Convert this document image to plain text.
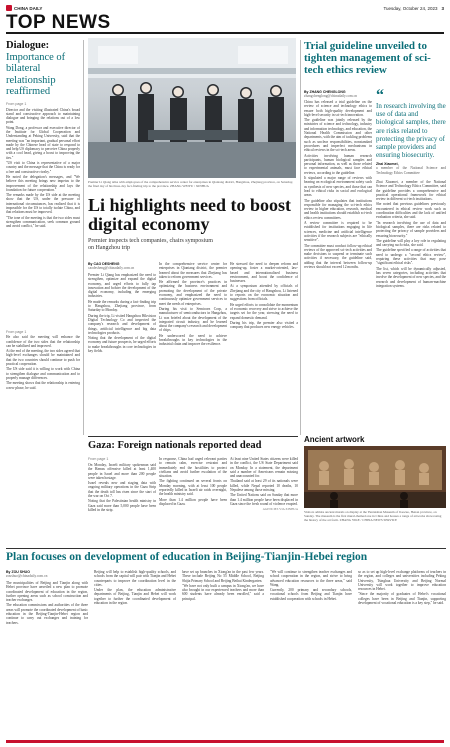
CHINA DAILY	Tuesday, October 24, 2023 3
TOP NEWS
Dialogue:
Importance of bilateral relationship reaffirmed
From page 1

Director and the visiting illustrated China's broad stand and constructive approach to maintaining dialogue and bringing the relations out of a low point.

Wang Dong, a professor and executive director of the Institute for Global Cooperation and Understanding at Peking University, said that the meeting was "an important, gradual personal effort made by the Chinese head of state to respond to and help US diplomacy to perceive China properly with a cool head, giving a boost to improving the ties."

"US visit to China is representative of a major country and the message that the China is ready for a free and constructive rivalry."

He noted the delegation's messages, and "We believe this meeting brings new impetus to the improvement of the relationship and lays the foundation for future cooperation."

The remarks made by the US side at the meeting show that the US, under the pressure of international circumstances, has realized that it is impossible for the US to totally isolate China, and that relations must be improved.

"The tone of the meeting is that the two sides must strengthen communication, seek common ground and avoid conflict," he said.

Premier Li Qiang talks with employees of the comprehensive service center for enterprises in Qiantang district, Hangzhou, Zhejiang province, on Saturday, the final day of his three-day fact-finding trip to the province. ZHANG WEIYU / XINHUA
Li highlights need to boost digital economy
Premier inspects tech companies, chairs symposium on Hangzhou trip
By CAO DESHENG
caodesheng@chinadaily.com.cn

Premier Li Qiang has emphasized the need to strengthen, optimize and expand the digital economy, and urged efforts to fully tap innovation and bolster the development of the digital economy, including the emerging industries.

He made the remarks during a fact-finding trip to Hangzhou, Zhejiang province, from Saturday to Monday.

During the trip, Li visited Hangzhou Hikvision Digital Technology Co and inspected the company's research and development of things, artificial intelligence and big data technologies products.

Noting that the development of the digital economy and future prospects, he urged efforts to make breakthroughs in core technologies in key fields.

In the comprehensive service center for enterprises in Qiantang district, the premier learned about the measures that Zhejiang has taken to reform government services.

He affirmed the province's practices in optimizing the business environment and promoting the development of the private economy, and emphasized the need to continuously optimize government services to meet the needs of enterprises.

During his visit to Semicorn Corp, a manufacturer of semiconductors in Hangzhou, Li was briefed about the development of the integrated circuit industry, and he learned about the company's research and development of chips.

He underscored the need to achieve breakthroughs in key technologies in the industrial chain and improve the resilience.

He stressed the need to deepen reform and opening-up, foster a market-oriented, law-based and internationalized business environment, and boost the confidence of businesses.

At a symposium attended by officials of Zhejiang and the city of Hangzhou, Li listened to reports on the economic situation and suggestions from officials.

He urged efforts to consolidate the momentum of economic recovery and strive to achieve the targets set for the year, stressing the need to expand domestic demand.

During his trip, the premier also visited a company that produces new energy vehicles.

Gaza: Foreign nationals reported dead
From page 1

On Monday, Israeli military spokesman said the Hamas offensive killed at least 1,400 people in Israel and more than 200 people were taken hostage.

Israel reveals new and staging data with ongoing military operations in the Gaza Strip that the death toll has risen since the start of the war on Oct 7.

Noting that the Palestinian health ministry in Gaza said more than 5,000 people have been killed in the strip.

In response, China had urged relevant parties to remain calm, exercise restraint and immediately end the hostilities to protect civilians and avoid further escalation of the situation.

The fighting continued on several fronts on Monday morning, with at least 100 people reportedly killed in Israeli air raids overnight, the health ministry said.

More than 1.4 million people have been displaced in Gaza.

At least nine United States citizens were killed in the conflict, the US State Department said on Monday. In a statement, the department said a number of Americans remain missing and unaccounted for.

Thailand said at least 29 of its nationals were killed, while Nepal reported 10 deaths, 10 Nepalese among those missing.

The United Nations said on Sunday that more than 1.4 million people have been displaced in Gaza since the fresh round of violence erupted.

AGENCIES VIA XINHUA

From page 1

He also said the meeting will enhance the confidence of the two sides that the relationship can be stabilized and improved.

At the end of the meeting, the two sides agreed that high-level exchanges should be maintained and that the two countries should continue to push for practical cooperation.

The US side said it is willing to work with China to strengthen dialogue and communication and to properly manage differences.

The meeting shows that the relationship is entering a new phase, he said.

Trial guideline unveiled to tighten management of sci-tech ethics review
By ZHANG CHENGLONG
zhangchenglong@chinadaily.com.cn

China has released a trial guideline on the review of science and technology ethics to ensure both high-quality development and high-level security in sci-tech innovation.

The guideline was jointly released by the ministries of science and technology, industry and information technology, and education, the National Health Commission and other departments, with the aim of tackling problems such as unclear responsibilities, nonstandard procedures and imperfect mechanisms in ethical reviews in the sci-tech areas.

Activities involving human research participants, human biological samples and personal information, as well as those related to experimental animals, must face ethical reviews, according to the guideline.

It stipulated a major range of reviews with bearing on ecological environment safety such as synthesis of new species, and those that can lead to ethical risks in social and ecological areas.

The guideline also stipulates that institutions responsible for managing the sci-tech ethics review in higher education, research, medical and health institutions should establish sci-tech ethics review committees.

A review committee is required to be established for institutions engaging in life sciences, medicine and artificial intelligence activities if the research subjects are "ethically sensitive".

The committee must conduct follow-up ethical reviews of the approved sci-tech activities and make decisions to suspend or terminate such activities if necessary, the guideline said, adding that the interval between follow-up reviews should not exceed 12 months.

“
In research involving the use of data and biological samples, there are risks related to protecting the privacy of sample providers and ensuring biosecurity.
Zhai Xiaomei,
a member of the National Science and Technology Ethics Committee

Zhai Xiaomei, a member of the National Science and Technology Ethics Committee, said the guideline provides a comprehensive and practical operational framework for ethical review in different sci-tech institutions.

She noted that previous guidelines previously encountered in ethical review work such as coordination difficulties and the lack of unified evaluation criteria, she said.

"In research involving the use of data and biological samples, there are risks related to protecting the privacy of sample providers and ensuring biosecurity."

The guideline will play a key role in regulating and carrying such risks, she said.

The guideline specified a range of activities that need to undergo a "second ethics review", requiring these activities that may pose "significant ethical risks".

The list, which will be dynamically adjusted, has seven categories, including activities that involve the development of new species, and the research and development of human-machine integration systems.

Ancient artwork
Visitors admire ancient murals on display at the Yuntaishan Museum of Jiaozuo, Henan province, on Sunday. The museum is the first mural-themed one in China and houses a range of artworks showcasing the history of the art form. ZHANG YIKE / CHINA NEWS SERVICE
Plan focuses on development of education in Beijing-Tianjin-Hebei region
By ZOU SHUO
zoushuo@chinadaily.com.cn

The municipalities of Beijing and Tianjin along with Hebei province have unveiled a new plan to promote coordinated development of education in the region, further opening areas such as school construction and teacher exchanges.

The education commissions and authorities of the three areas will promote the coordinated development of basic education in the Beijing-Tianjin-Hebei region and continue to carry out exchanges and training for teachers.

Beijing will help to establish high-quality schools, and schools from the capital will pair with Tianjin and Hebei counterparts to improve the coordination level in the cities.

Under the plan, the education administrative departments of Beijing, Tianjin and Hebei will work together to further the coordinated development of education in the region.

have set up branches in Xiong'an in the past few years. These include Beijing No 55 Middle School, Beijing Shijia Primary School and Beijing Beihai Kindergarten.

"We have not only built a campus in Xiong'an, we have also brought in our experienced teachers and more than 600 students have already been enrolled," said a principal.

"We will continue to strengthen teacher exchanges and school cooperation in the region, and strive to bring advanced education resources to the three areas," said Wang.

Currently, 200 primary and secondary schools, vocational schools from Beijing and Tianjin have established cooperation with schools in Hebei.

so as to set up high-level exchange platforms of teachers in the region, and colleges and universities including Peking University, Tsinghua University and Beijing Normal University will work together to improve education resources in Hebei.

"Since the majority of graduates of Hebei's vocational colleges have been in Beijing and Tianjin, supporting development of vocational education is a key step," he said.
